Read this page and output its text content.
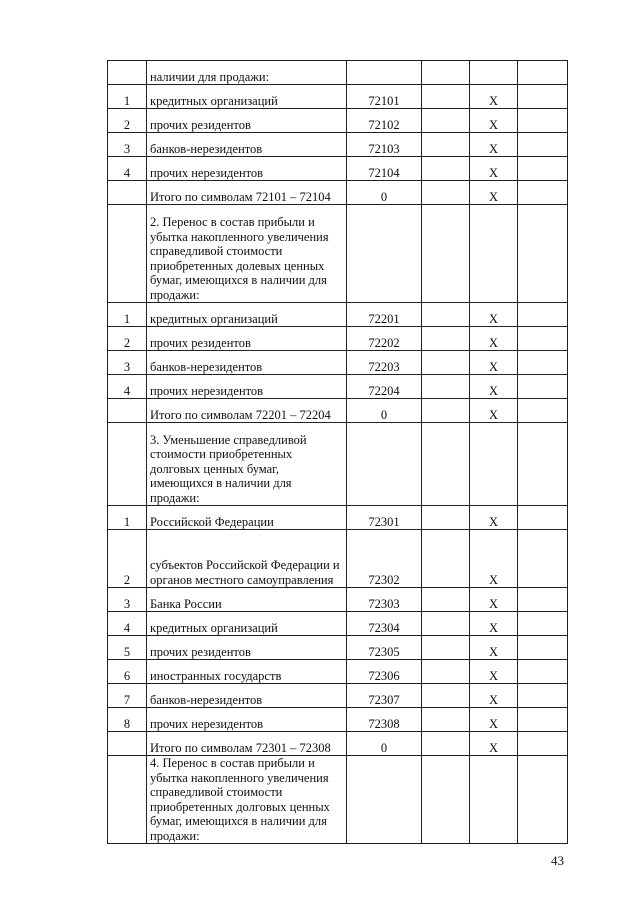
	наличии для продажи:				
1	кредитных организаций	72101		X	
2	прочих резидентов	72102		X	
3	банков-нерезидентов	72103		X	
4	прочих нерезидентов	72104		X	
	Итого по символам 72101 – 72104	0		X	
	2. Перенос в состав прибыли и убытка накопленного увеличения справедливой стоимости приобретенных долевых ценных бумаг, имеющихся в наличии для продажи:				
1	кредитных организаций	72201		X	
2	прочих резидентов	72202		X	
3	банков-нерезидентов	72203		X	
4	прочих нерезидентов	72204		X	
	Итого по символам 72201 – 72204	0		X	
	3. Уменьшение справедливой стоимости приобретенных долговых ценных бумаг, имеющихся в наличии для продажи:				
1	Российской Федерации	72301		X	
2	субъектов Российской Федерации и органов местного самоуправления	72302		X	
3	Банка России	72303		X	
4	кредитных организаций	72304		X	
5	прочих резидентов	72305		X	
6	иностранных государств	72306		X	
7	банков-нерезидентов	72307		X	
8	прочих нерезидентов	72308		X	
	Итого по символам 72301 – 72308	0		X	
	4. Перенос в состав прибыли и убытка накопленного увеличения справедливой стоимости приобретенных долговых ценных бумаг, имеющихся в наличии для продажи:				
43
